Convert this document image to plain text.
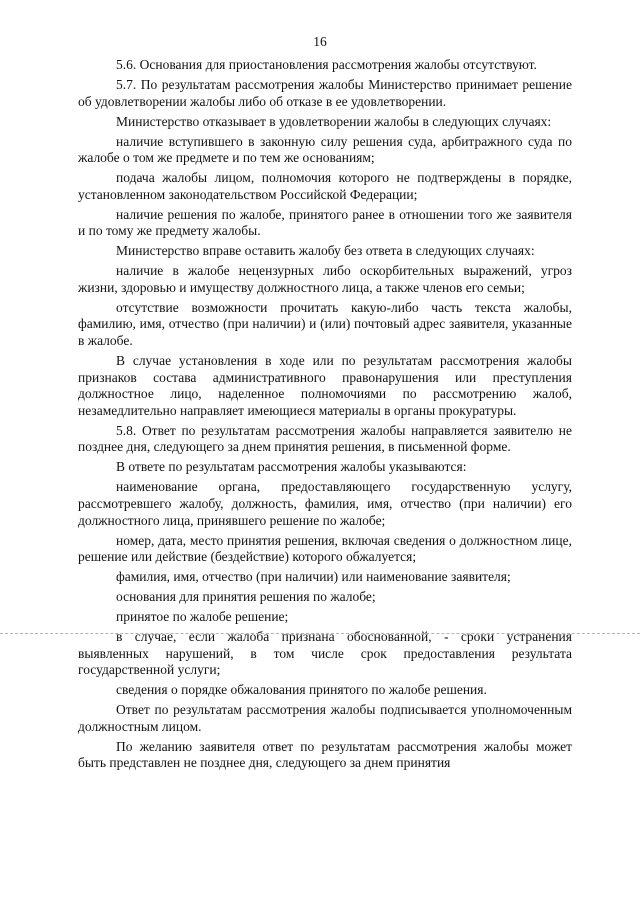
16

5.6. Основания для приостановления рассмотрения жалобы отсутствуют.

5.7. По результатам рассмотрения жалобы Министерство принимает решение об удовлетворении жалобы либо об отказе в ее удовлетворении.

Министерство отказывает в удовлетворении жалобы в следующих случаях:

наличие вступившего в законную силу решения суда, арбитражного суда по жалобе о том же предмете и по тем же основаниям;

подача жалобы лицом, полномочия которого не подтверждены в порядке, установленном законодательством Российской Федерации;

наличие решения по жалобе, принятого ранее в отношении того же заявителя и по тому же предмету жалобы.

Министерство вправе оставить жалобу без ответа в следующих случаях:

наличие в жалобе нецензурных либо оскорбительных выражений, угроз жизни, здоровью и имуществу должностного лица, а также членов его семьи;

отсутствие возможности прочитать какую-либо часть текста жалобы, фамилию, имя, отчество (при наличии) и (или) почтовый адрес заявителя, указанные в жалобе.

В случае установления в ходе или по результатам рассмотрения жалобы признаков состава административного правонарушения или преступления должностное лицо, наделенное полномочиями по рассмотрению жалоб, незамедлительно направляет имеющиеся материалы в органы прокуратуры.

5.8. Ответ по результатам рассмотрения жалобы направляется заявителю не позднее дня, следующего за днем принятия решения, в письменной форме.

В ответе по результатам рассмотрения жалобы указываются:

наименование органа, предоставляющего государственную услугу, рассмотревшего жалобу, должность, фамилия, имя, отчество (при наличии) его должностного лица, принявшего решение по жалобе;

номер, дата, место принятия решения, включая сведения о должностном лице, решение или действие (бездействие) которого обжалуется;

фамилия, имя, отчество (при наличии) или наименование заявителя;

основания для принятия решения по жалобе;

принятое по жалобе решение;

в случае, если жалоба признана обоснованной, - сроки устранения выявленных нарушений, в том числе срок предоставления результата государственной услуги;

сведения о порядке обжалования принятого по жалобе решения.

Ответ по результатам рассмотрения жалобы подписывается уполномоченным должностным лицом.

По желанию заявителя ответ по результатам рассмотрения жалобы может быть представлен не позднее дня, следующего за днем принятия
